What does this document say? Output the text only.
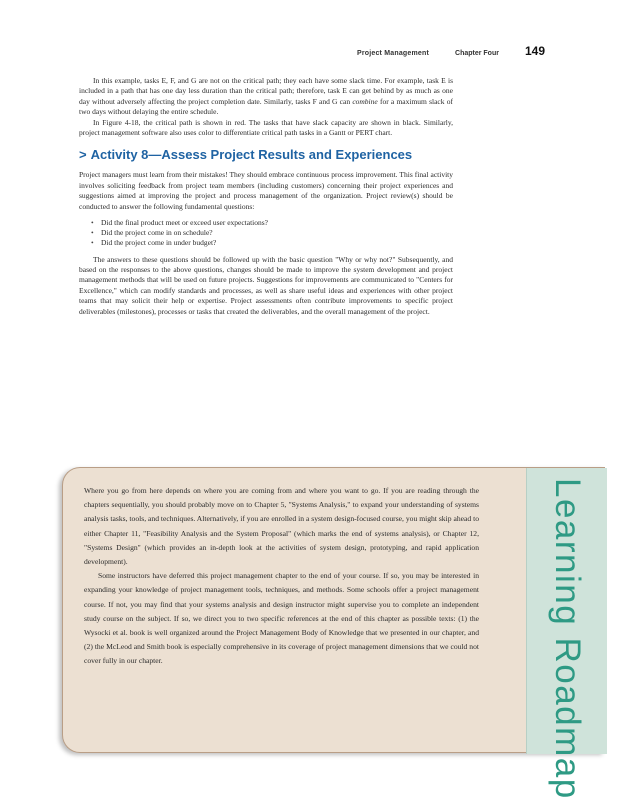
Project Management	Chapter Four 149

In this example, tasks E, F, and G are not on the critical path; they each have some slack time. For example, task E is included in a path that has one day less duration than the critical path; therefore, task E can get behind by as much as one day without adversely affecting the project completion date. Similarly, tasks F and G can combine for a maximum slack of two days without delaying the entire schedule.

In Figure 4-18, the critical path is shown in red. The tasks that have slack capacity are shown in black. Similarly, project management software also uses color to differentiate critical path tasks in a Gantt or PERT chart.

> Activity 8—Assess Project Results and Experiences

Project managers must learn from their mistakes! They should embrace continuous process improvement. This final activity involves soliciting feedback from project team members (including customers) concerning their project experiences and suggestions aimed at improving the project and process management of the organization. Project review(s) should be conducted to answer the following fundamental questions:

• Did the final product meet or exceed user expectations?
• Did the project come in on schedule?
• Did the project come in under budget?

The answers to these questions should be followed up with the basic question "Why or why not?" Subsequently, and based on the responses to the above questions, changes should be made to improve the system development and project management methods that will be used on future projects. Suggestions for improvements are communicated to "Centers for Excellence," which can modify standards and processes, as well as share useful ideas and experiences with other project teams that may solicit their help or expertise. Project assessments often contribute improvements to specific project deliverables (milestones), processes or tasks that created the deliverables, and the overall management of the project.

Where you go from here depends on where you are coming from and where you want to go. If you are reading through the chapters sequentially, you should probably move on to Chapter 5, "Systems Analysis," to expand your understanding of systems analysis tasks, tools, and techniques. Alternatively, if you are enrolled in a system design-focused course, you might skip ahead to either Chapter 11, "Feasibility Analysis and the System Proposal" (which marks the end of systems analysis), or Chapter 12, "Systems Design" (which provides an in-depth look at the activities of system design, prototyping, and rapid application development).

Some instructors have deferred this project management chapter to the end of your course. If so, you may be interested in expanding your knowledge of project management tools, techniques, and methods. Some schools offer a project management course. If not, you may find that your systems analysis and design instructor might supervise you to complete an independent study course on the subject. If so, we direct you to two specific references at the end of this chapter as possible texts: (1) the Wysocki et al. book is well organized around the Project Management Body of Knowledge that we presented in our chapter, and (2) the McLeod and Smith book is especially comprehensive in its coverage of project management dimensions that we could not cover fully in our chapter.	Learning Roadmap
